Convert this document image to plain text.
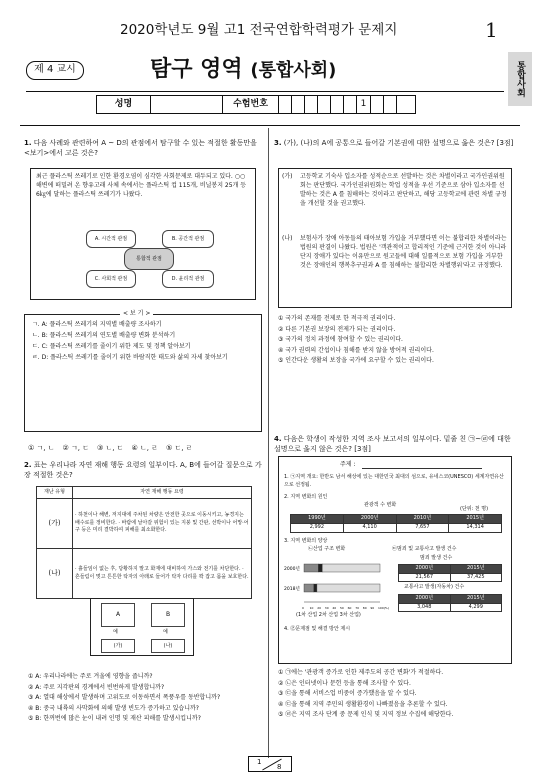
2020학년도 9월 고1 전국연합학력평가 문제지	1
제 4 교시	탐구 영역 (통합사회)	통합사회
성명	수험번호	1
1. 다음 사례와 관련하여 A ~ D의 관점에서 탐구할 수 있는 적절한 활동만을 <보기>에서 고른 것은?
최근 플라스틱 쓰레기로 인한 환경오염이 심각한 사회문제로 대두되고 있다. ○○ 해변에 떠밀려 온 향유고래 사체 속에서는 플라스틱 컵 115개, 비닐봉지 25개 등 6㎏에 달하는 플라스틱 쓰레기가 나왔다.
A. 시간적 관점	B. 공간적 관점
통합적 관점
C. 사회적 관점	D. 윤리적 관점
< 보 기 >
ㄱ. A: 플라스틱 쓰레기의 지역별 배출량 조사하기
ㄴ. B: 플라스틱 쓰레기의 연도별 배출량 변화 분석하기
ㄷ. C: 플라스틱 쓰레기를 줄이기 위한 제도 및 정책 알아보기
ㄹ. D: 플라스틱 쓰레기를 줄이기 위한 바람직한 태도와 삶의 자세 찾아보기
① ㄱ, ㄴ ② ㄱ, ㄷ ③ ㄴ, ㄷ ④ ㄴ, ㄹ ⑤ ㄷ, ㄹ
2. 표는 우리나라 자연 재해 행동 요령의 일부이다. A, B에 들어갈 질문으로 가장 적절한 것은?
재난 유형	자연 재해 행동 요령
(가)	· 하천이나 해변, 저지대에 주차된 차량은 안전한 곳으로 이동시키고, 농경지는 배수로를 정비한다. · 바람에 날아갈 위험이 있는 지붕 및 간판, 선박이나 어망·어구 등은 미리 결박하여 피해를 최소화한다.
(나)	· 흙들임이 없는 후, 당황하지 말고 화재에 대비하여 가스와 전기를 차단한다. · 흔들림이 멎고 튼튼한 탁자의 아래로 들어가 탁자 다리를 꽉 잡고 몸을 보호한다.
A	B
예	예
(가)	(나)
① A: 우리나라에는 주로 겨울에 영향을 줍니까?
② A: 주로 지각판의 경계에서 빈번하게 발생합니까?
③ A: 열대 해상에서 발생하며 고위도로 이동하면서 폭풍우를 동반합니까?
④ B: 중국 내륙의 사막화에 의해 발생 빈도가 증가하고 있습니까?
⑤ B: 한꺼번에 많은 눈이 내려 인명 및 재산 피해를 발생시킵니까?
3. (가), (나)의 A에 공통으로 들어갈 기본권에 대한 설명으로 옳은 것은? [3점]
(가) 고등학교 기숙사 입소자를 성적순으로 선발하는 것은 차별이라고 국가인권위원회는 판단했다. 국가인권위원회는 학업 성적을 우선 기준으로 삼아 입소자를 선발하는 것은 A 를 침해하는 것이라고 판단하고, 해당 고등학교에 관련 차별 규정을 개선할 것을 권고했다.
(나) 보험사가 장애 아동들의 태아보험 가입을 거부했다면 이는 불합리한 차별이라는 법원의 판결이 나왔다. 법원은 '객관적이고 합리적인 기준에 근거한 것이 아니라 단지 장애가 있다는 이유만으로 원고들에 대해 일률적으로 보험 가입을 거부한 것은 장애인의 행복추구권과 A 를 침해하는 불합리한 차별행위'라고 규정했다.
① 국가의 존재를 전제로 한 적극적 권리이다.
② 다른 기본권 보장의 전제가 되는 권리이다.
③ 국가의 정치 과정에 참여할 수 있는 권리이다.
④ 국가 권력의 간섭이나 침해를 받지 않을 방어적 권리이다.
⑤ 인간다운 생활의 보장을 국가에 요구할 수 있는 권리이다.
4. 다음은 학생이 작성한 지역 조사 보고서의 일부이다. 밑줄 친 ㉠~㉣에 대한 설명으로 옳지 않은 것은? [3점]
주제 :
1. ㉠지역 개요: 한반도 남서 해상에 있는 대한민국 최대의 섬으로, 유네스코(UNESCO) 세계자연유산으로 선정됨.
2. 지역 변화의 원인
관광객 수 변화
(단위: 천 명)
1990년	2000년	2010년	2015년
2,992	4,110	7,657	14,314
3. 지역 변화의 양상
㉡산업 구조 변화
2000년
2018년
0 10 20 30 40 50 60 70 80 90 100(%)
(1차 산업 2차 산업 3차 산업)
㉢범죄 및 교통사고 발생 건수
범죄 발생 건수
2000년	2015년
21,567	37,425
교통사고 발생(자동차) 건수
2000년	2015년
3,048	4,299
4. ㉣문제점 및 해결 방안 제시
① ㉠에는 '관광객 증가로 인한 제주도의 공간 변화'가 적절하다.
② ㉡은 인터넷이나 문헌 등을 통해 조사할 수 있다.
③ ㉢을 통해 서비스업 비중이 증가했음을 알 수 있다.
④ ㉢을 통해 지역 주민의 생활환경이 나빠졌음을 추론할 수 있다.
⑤ ㉣은 지역 조사 단계 중 문제 인식 및 지역 정보 수집에 해당한다.
1
8
